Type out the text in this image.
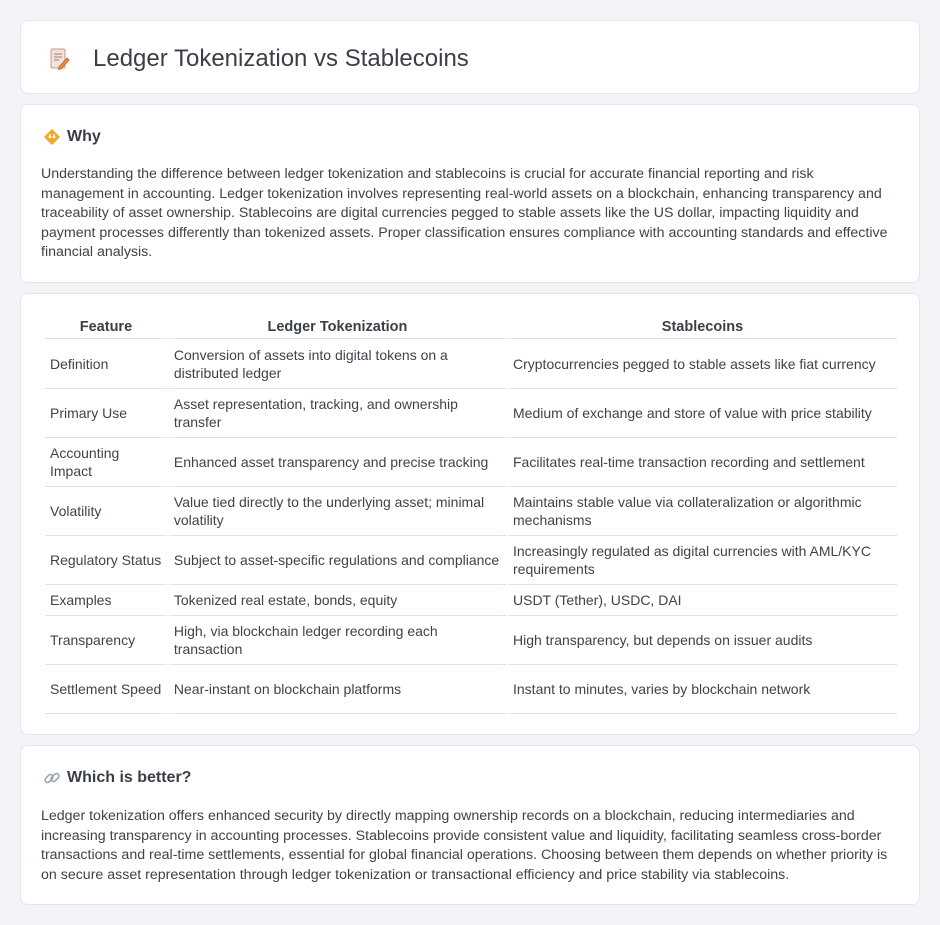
Ledger Tokenization vs Stablecoins
Why

Understanding the difference between ledger tokenization and stablecoins is crucial for accurate financial reporting and risk management in accounting. Ledger tokenization involves representing real-world assets on a blockchain, enhancing transparency and traceability of asset ownership. Stablecoins are digital currencies pegged to stable assets like the US dollar, impacting liquidity and payment processes differently than tokenized assets. Proper classification ensures compliance with accounting standards and effective financial analysis.

Feature	Ledger Tokenization	Stablecoins
Definition	Conversion of assets into digital tokens on a distributed ledger	Cryptocurrencies pegged to stable assets like fiat currency
Primary Use	Asset representation, tracking, and ownership transfer	Medium of exchange and store of value with price stability
Accounting Impact	Enhanced asset transparency and precise tracking	Facilitates real-time transaction recording and settlement
Volatility	Value tied directly to the underlying asset; minimal volatility	Maintains stable value via collateralization or algorithmic mechanisms
Regulatory Status	Subject to asset-specific regulations and compliance	Increasingly regulated as digital currencies with AML/KYC requirements
Examples	Tokenized real estate, bonds, equity	USDT (Tether), USDC, DAI
Transparency	High, via blockchain ledger recording each transaction	High transparency, but depends on issuer audits
Settlement Speed	Near-instant on blockchain platforms	Instant to minutes, varies by blockchain network
Which is better?

Ledger tokenization offers enhanced security by directly mapping ownership records on a blockchain, reducing intermediaries and increasing transparency in accounting processes. Stablecoins provide consistent value and liquidity, facilitating seamless cross-border transactions and real-time settlements, essential for global financial operations. Choosing between them depends on whether priority is on secure asset representation through ledger tokenization or transactional efficiency and price stability via stablecoins.
